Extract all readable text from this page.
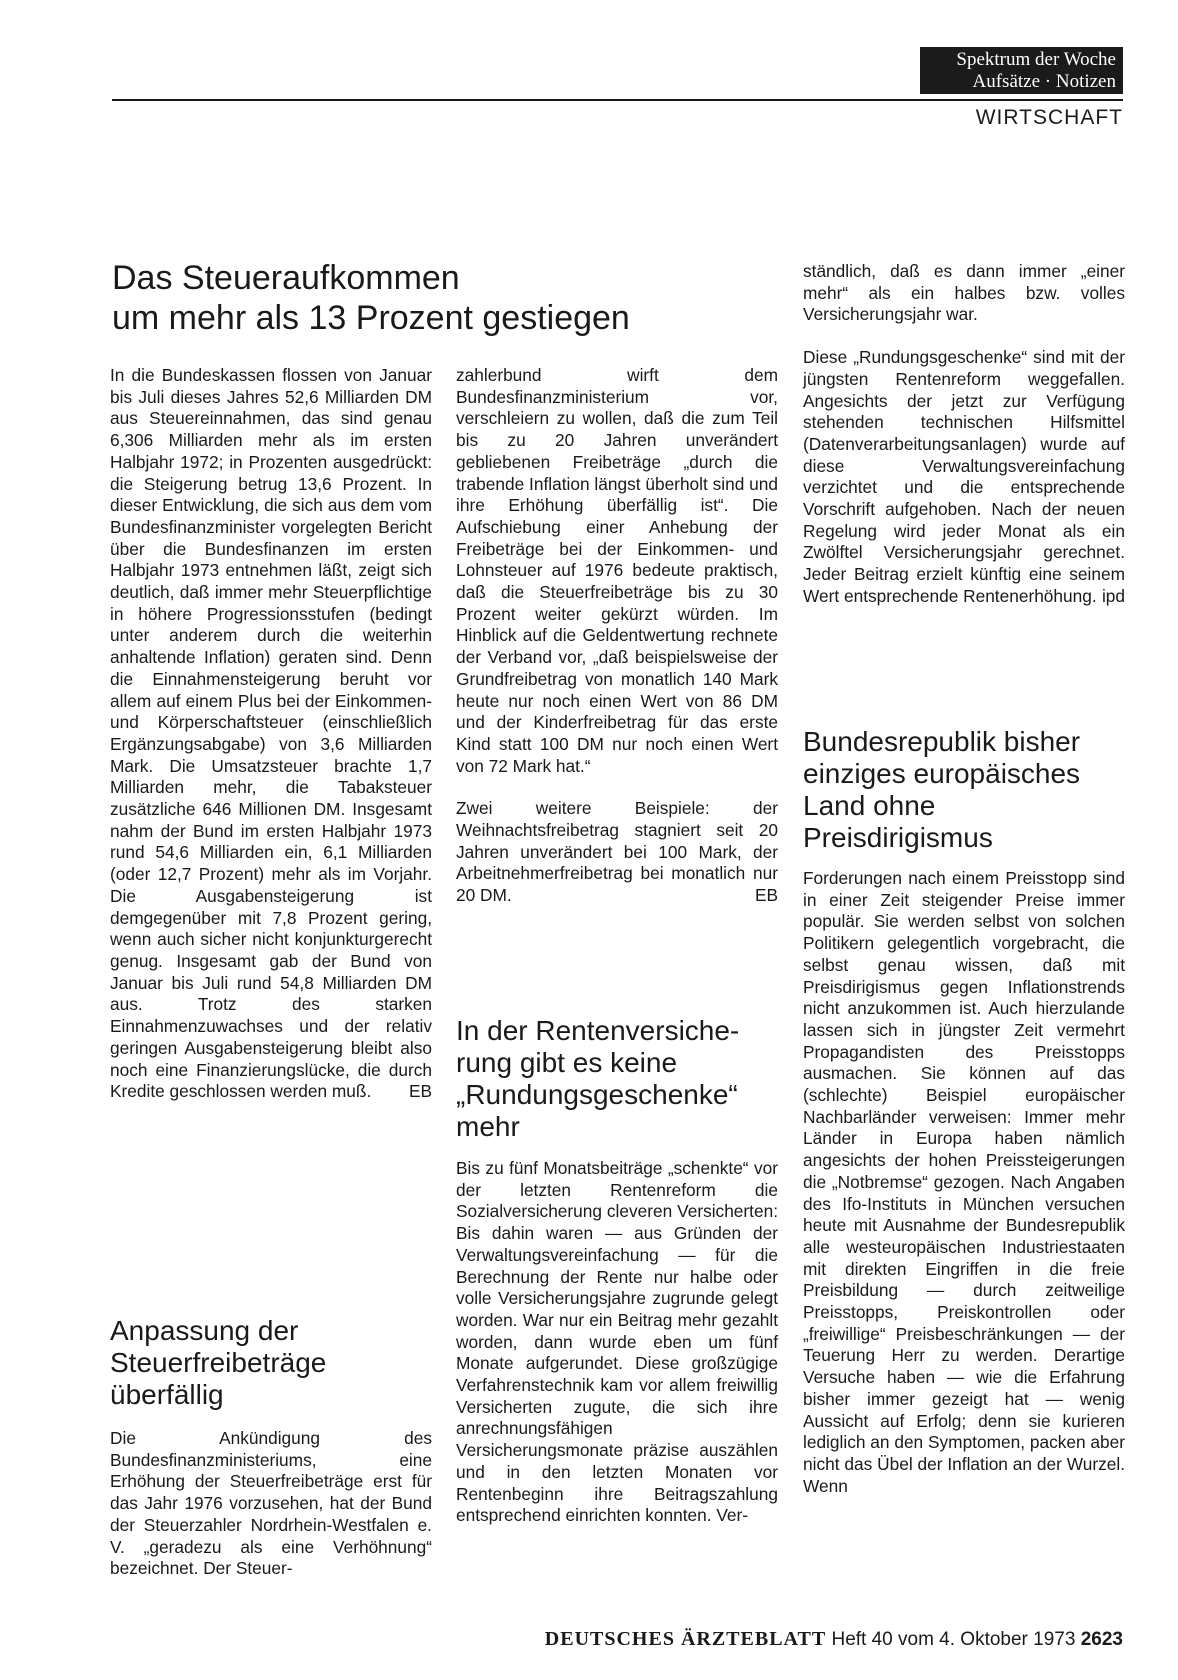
Spektrum der Woche
Aufsätze · Notizen
WIRTSCHAFT
Das Steueraufkommen
um mehr als 13 Prozent gestiegen

In die Bundeskassen flossen von Januar bis Juli dieses Jahres 52,6 Milliarden DM aus Steuereinnahmen, das sind genau 6,306 Milliarden mehr als im ersten Halbjahr 1972; in Prozenten ausgedrückt: die Steigerung betrug 13,6 Prozent. In dieser Entwicklung, die sich aus dem vom Bundesfinanzminister vorgelegten Bericht über die Bundesfinanzen im ersten Halbjahr 1973 entnehmen läßt, zeigt sich deutlich, daß immer mehr Steuerpflichtige in höhere Progressionsstufen (bedingt unter anderem durch die weiterhin anhaltende Inflation) geraten sind. Denn die Einnahmensteigerung beruht vor allem auf einem Plus bei der Einkommen- und Körperschaftsteuer (einschließlich Ergänzungsabgabe) von 3,6 Milliarden Mark. Die Umsatzsteuer brachte 1,7 Milliarden mehr, die Tabaksteuer zusätzliche 646 Millionen DM. Insgesamt nahm der Bund im ersten Halbjahr 1973 rund 54,6 Milliarden ein, 6,1 Milliarden (oder 12,7 Prozent) mehr als im Vorjahr. Die Ausgabensteigerung ist demgegenüber mit 7,8 Prozent gering, wenn auch sicher nicht konjunkturgerecht genug. Insgesamt gab der Bund von Januar bis Juli rund 54,8 Milliarden DM aus. Trotz des starken Einnahmenzuwachses und der relativ geringen Ausgabensteigerung bleibt also noch eine Finanzierungslücke, die durch Kredite geschlossen werden muß. EB

Anpassung der
Steuerfreibeträge
überfällig

Die Ankündigung des Bundesfinanzministeriums, eine Erhöhung der Steuerfreibeträge erst für das Jahr 1976 vorzusehen, hat der Bund der Steuerzahler Nordrhein-Westfalen e. V. „geradezu als eine Verhöhnung“ bezeichnet. Der Steuer-

zahlerbund wirft dem Bundesfinanzministerium vor, verschleiern zu wollen, daß die zum Teil bis zu 20 Jahren unverändert gebliebenen Freibeträge „durch die trabende Inflation längst überholt sind und ihre Erhöhung überfällig ist“. Die Aufschiebung einer Anhebung der Freibeträge bei der Einkommen- und Lohnsteuer auf 1976 bedeute praktisch, daß die Steuerfreibeträge bis zu 30 Prozent weiter gekürzt würden. Im Hinblick auf die Geldentwertung rechnete der Verband vor, „daß beispielsweise der Grundfreibetrag von monatlich 140 Mark heute nur noch einen Wert von 86 DM und der Kinderfreibetrag für das erste Kind statt 100 DM nur noch einen Wert von 72 Mark hat.“

Zwei weitere Beispiele: der Weihnachtsfreibetrag stagniert seit 20 Jahren unverändert bei 100 Mark, der Arbeitnehmerfreibetrag bei monatlich nur 20 DM.	EB

In der Rentenversiche-
rung gibt es keine
„Rundungsgeschenke“
mehr

Bis zu fünf Monatsbeiträge „schenkte“ vor der letzten Rentenreform die Sozialversicherung cleveren Versicherten: Bis dahin waren — aus Gründen der Verwaltungsvereinfachung — für die Berechnung der Rente nur halbe oder volle Versicherungsjahre zugrunde gelegt worden. War nur ein Beitrag mehr gezahlt worden, dann wurde eben um fünf Monate aufgerundet. Diese großzügige Verfahrenstechnik kam vor allem freiwillig Versicherten zugute, die sich ihre anrechnungsfähigen Versicherungsmonate präzise auszählen und in den letzten Monaten vor Rentenbeginn ihre Beitragszahlung entsprechend einrichten konnten. Ver-

ständlich, daß es dann immer „einer mehr“ als ein halbes bzw. volles Versicherungsjahr war.

Diese „Rundungsgeschenke“ sind mit der jüngsten Rentenreform weggefallen. Angesichts der jetzt zur Verfügung stehenden technischen Hilfsmittel (Datenverarbeitungsanlagen) wurde auf diese Verwaltungsvereinfachung verzichtet und die entsprechende Vorschrift aufgehoben. Nach der neuen Regelung wird jeder Monat als ein Zwölftel Versicherungsjahr gerechnet. Jeder Beitrag erzielt künftig eine seinem Wert entsprechende Rentenerhöhung. ipd

Bundesrepublik bisher
einziges europäisches
Land ohne
Preisdirigismus

Forderungen nach einem Preisstopp sind in einer Zeit steigender Preise immer populär. Sie werden selbst von solchen Politikern gelegentlich vorgebracht, die selbst genau wissen, daß mit Preisdirigismus gegen Inflationstrends nicht anzukommen ist. Auch hierzulande lassen sich in jüngster Zeit vermehrt Propagandisten des Preisstopps ausmachen. Sie können auf das (schlechte) Beispiel europäischer Nachbarländer verweisen: Immer mehr Länder in Europa haben nämlich angesichts der hohen Preissteigerungen die „Notbremse“ gezogen. Nach Angaben des Ifo-Instituts in München versuchen heute mit Ausnahme der Bundesrepublik alle westeuropäischen Industriestaaten mit direkten Eingriffen in die freie Preisbildung — durch zeitweilige Preisstopps, Preiskontrollen oder „freiwillige“ Preisbeschränkungen — der Teuerung Herr zu werden. Derartige Versuche haben — wie die Erfahrung bisher immer gezeigt hat — wenig Aussicht auf Erfolg; denn sie kurieren lediglich an den Symptomen, packen aber nicht das Übel der Inflation an der Wurzel. Wenn

DEUTSCHES ÄRZTEBLATT Heft 40 vom 4. Oktober 1973 2623
